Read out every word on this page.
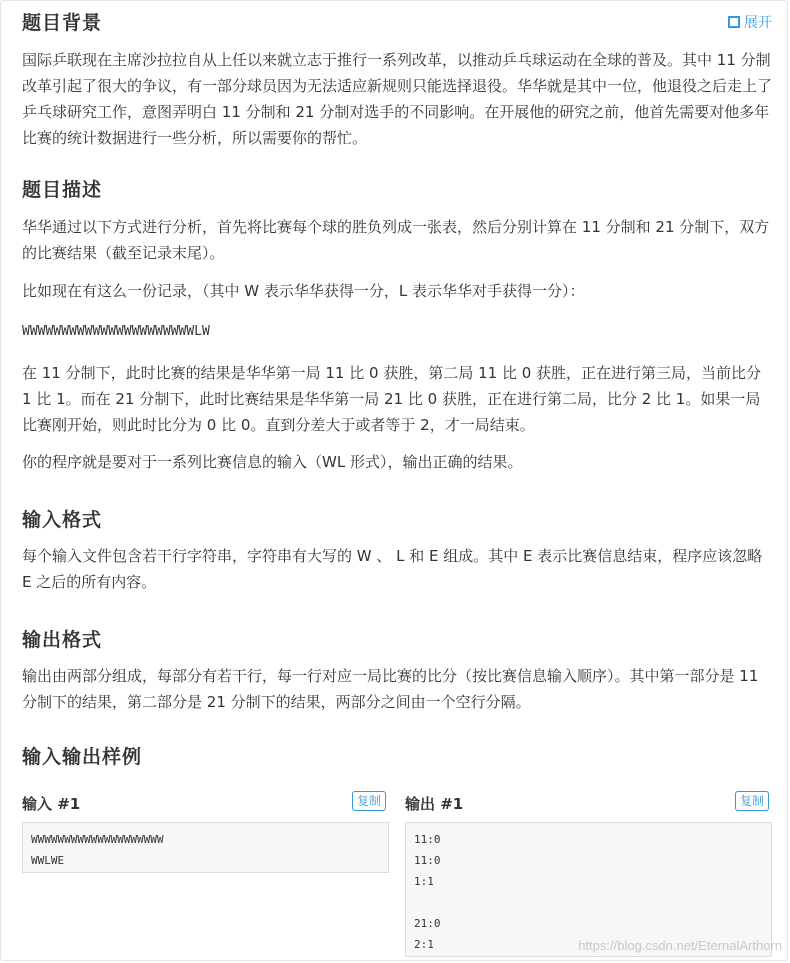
展开
题目背景

国际乒联现在主席沙拉拉自从上任以来就立志于推行一系列改革，以推动乒乓球运动在全球的普及。其中 11 分制改革引起了很大的争议，有一部分球员因为无法适应新规则只能选择退役。华华就是其中一位，他退役之后走上了乒乓球研究工作，意图弄明白 11 分制和 21 分制对选手的不同影响。在开展他的研究之前，他首先需要对他多年比赛的统计数据进行一些分析，所以需要你的帮忙。

题目描述

华华通过以下方式进行分析，首先将比赛每个球的胜负列成一张表，然后分别计算在 11 分制和 21 分制下，双方的比赛结果（截至记录末尾）。

比如现在有这么一份记录，（其中 W 表示华华获得一分，L 表示华华对手获得一分）：

WWWWWWWWWWWWWWWWWWWWWWLW

在 11 分制下，此时比赛的结果是华华第一局 11 比 0 获胜，第二局 11 比 0 获胜，正在进行第三局，当前比分 1 比 1。而在 21 分制下，此时比赛结果是华华第一局 21 比 0 获胜，正在进行第二局，比分 2 比 1。如果一局比赛刚开始，则此时比分为 0 比 0。直到分差大于或者等于 2，才一局结束。

你的程序就是要对于一系列比赛信息的输入（WL 形式），输出正确的结果。

输入格式

每个输入文件包含若干行字符串，字符串有大写的 W 、 L 和 E 组成。其中 E 表示比赛信息结束，程序应该忽略 E 之后的所有内容。

输出格式

输出由两部分组成，每部分有若干行，每一行对应一局比赛的比分（按比赛信息输入顺序）。其中第一部分是 11 分制下的结果，第二部分是 21 分制下的结果，两部分之间由一个空行分隔。

输入输出样例
输入 #1	复制
WWWWWWWWWWWWWWWWWWWW
WWLWE
输出 #1	复制
11:0
11:0
1:1

21:0
2:1	https://blog.csdn.net/EternalArthorn
